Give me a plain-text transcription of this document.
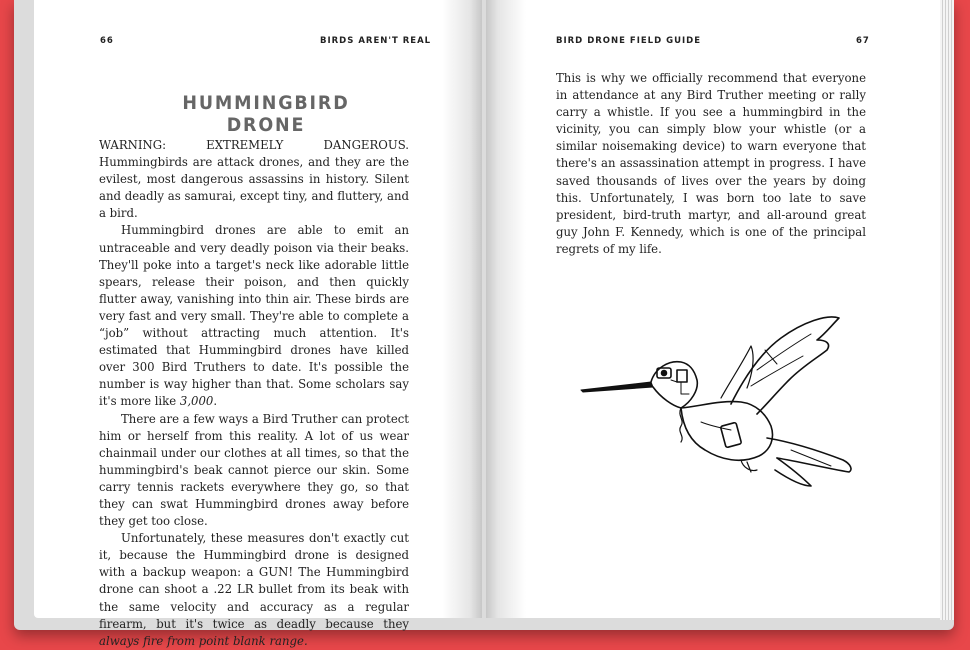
66	BIRDS AREN'T REAL
HUMMINGBIRD DRONE

WARNING: EXTREMELY DANGEROUS. Hummingbirds are attack drones, and they are the evilest, most dangerous assassins in history. Silent and deadly as samurai, except tiny, and fluttery, and a bird.

Hummingbird drones are able to emit an untraceable and very deadly poison via their beaks. They'll poke into a target's neck like adorable little spears, release their poison, and then quickly flutter away, vanishing into thin air. These birds are very fast and very small. They're able to complete a “job” without attracting much attention. It's estimated that Hummingbird drones have killed over 300 Bird Truthers to date. It's possible the number is way higher than that. Some scholars say it's more like 3,000.

There are a few ways a Bird Truther can protect him or herself from this reality. A lot of us wear chainmail under our clothes at all times, so that the hummingbird's beak cannot pierce our skin. Some carry tennis rackets everywhere they go, so that they can swat Hummingbird drones away before they get too close.

Unfortunately, these measures don't exactly cut it, because the Hummingbird drone is designed with a backup weapon: a GUN! The Hummingbird drone can shoot a .22 LR bullet from its beak with the same velocity and accuracy as a regular firearm, but it's twice as deadly because they always fire from point blank range.

BIRD DRONE FIELD GUIDE	67

This is why we officially recommend that everyone in attendance at any Bird Truther meeting or rally carry a whistle. If you see a hummingbird in the vicinity, you can simply blow your whistle (or a similar noisemaking device) to warn everyone that there's an assassination attempt in progress. I have saved thousands of lives over the years by doing this. Unfortunately, I was born too late to save president, bird-truth martyr, and all-around great guy John F. Kennedy, which is one of the principal regrets of my life.
